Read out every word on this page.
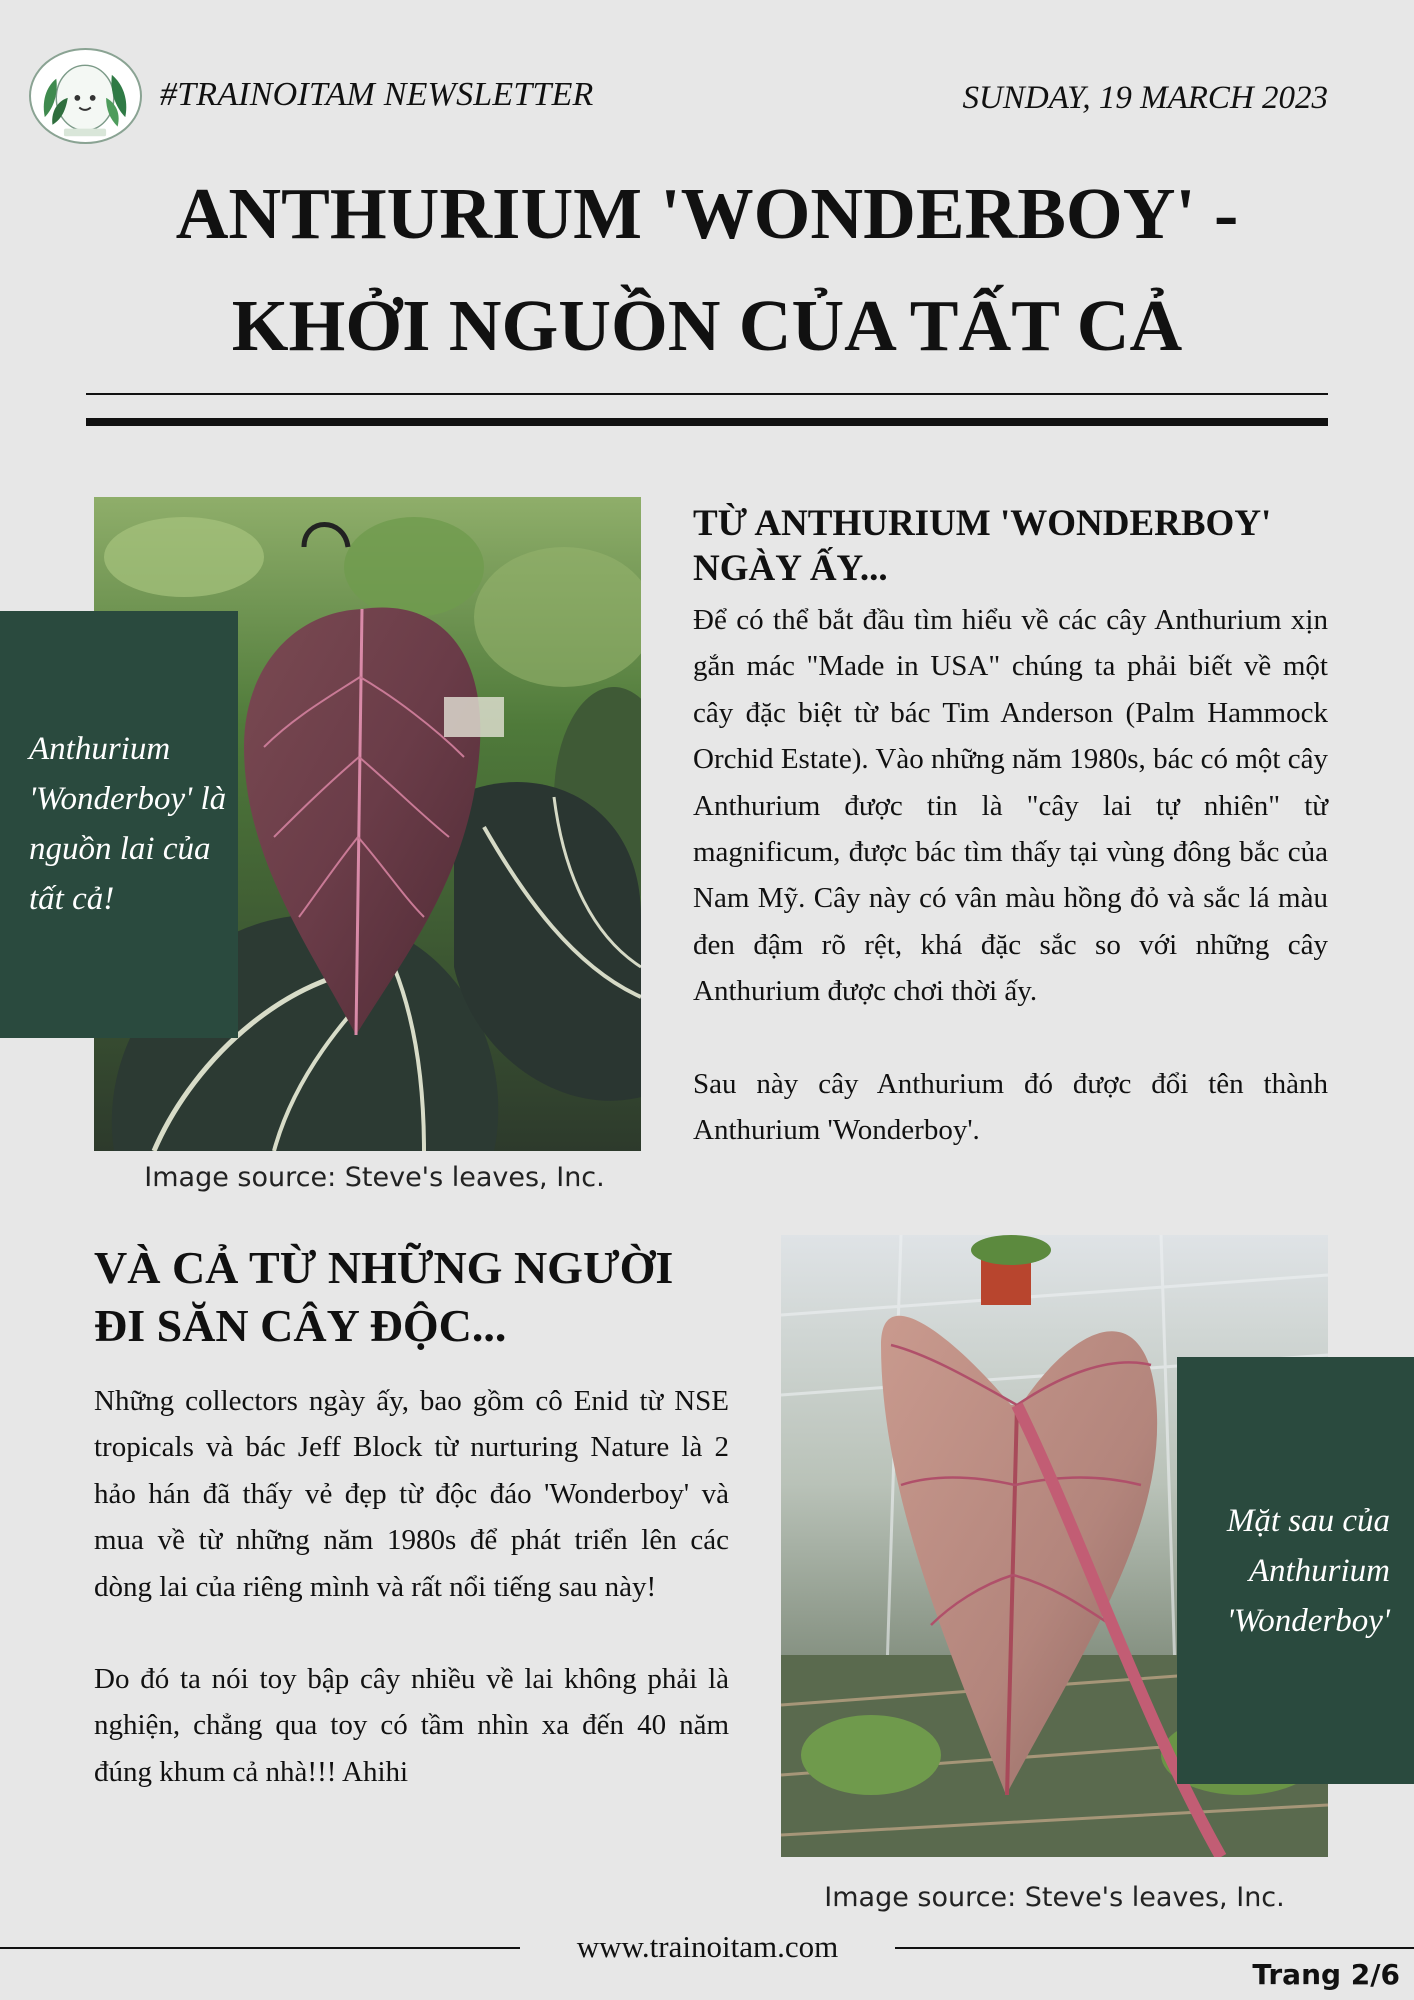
#TRAINOITAM NEWSLETTER	SUNDAY, 19 MARCH 2023
ANTHURIUM 'WONDERBOY' -
KHỞI NGUỒN CỦA TẤT CẢ
Anthurium 'Wonderboy' là nguồn lai của tất cả!
Image source: Steve's leaves, Inc.
TỪ ANTHURIUM 'WONDERBOY' NGÀY ẤY...

Để có thể bắt đầu tìm hiểu về các cây Anthurium xịn gắn mác "Made in USA" chúng ta phải biết về một cây đặc biệt từ bác Tim Anderson (Palm Hammock Orchid Estate). Vào những năm 1980s, bác có một cây Anthurium được tin là "cây lai tự nhiên" từ magnificum, được bác tìm thấy tại vùng đông bắc của Nam Mỹ. Cây này có vân màu hồng đỏ và sắc lá màu đen đậm rõ rệt, khá đặc sắc so với những cây Anthurium được chơi thời ấy.

Sau này cây Anthurium đó được đổi tên thành Anthurium 'Wonderboy'.

VÀ CẢ TỪ NHỮNG NGƯỜI
ĐI SĂN CÂY ĐỘC...

Những collectors ngày ấy, bao gồm cô Enid từ NSE tropicals và bác Jeff Block từ nurturing Nature là 2 hảo hán đã thấy vẻ đẹp từ độc đáo 'Wonderboy' và mua về từ những năm 1980s để phát triển lên các dòng lai của riêng mình và rất nổi tiếng sau này!

Do đó ta nói toy bập cây nhiều về lai không phải là nghiện, chẳng qua toy có tầm nhìn xa đến 40 năm đúng khum cả nhà!!! Ahihi

Mặt sau của Anthurium 'Wonderboy'
Image source: Steve's leaves, Inc.
www.trainoitam.com
Trang 2/6
